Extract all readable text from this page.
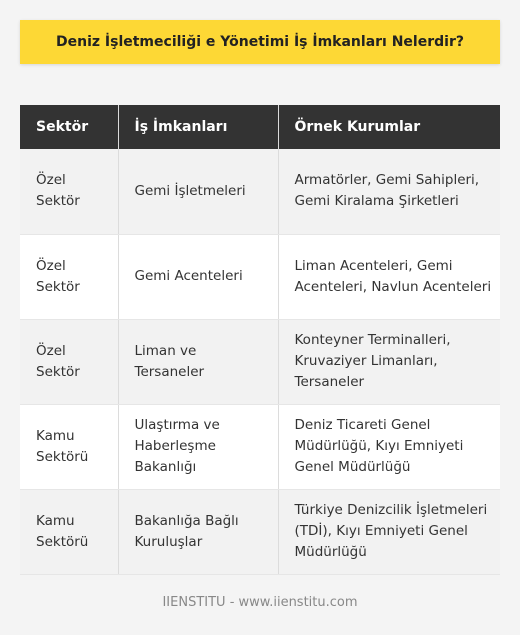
Deniz İşletmeciliği e Yönetimi İş İmkanları Nelerdir?
Sektör	İş İmkanları	Örnek Kurumlar
Özel Sektör	Gemi İşletmeleri	Armatörler, Gemi Sahipleri, Gemi Kiralama Şirketleri
Özel Sektör	Gemi Acenteleri	Liman Acenteleri, Gemi Acenteleri, Navlun Acenteleri
Özel Sektör	Liman ve Tersaneler	Konteyner Terminalleri, Kruvaziyer Limanları, Tersaneler
Kamu Sektörü	Ulaştırma ve Haberleşme Bakanlığı	Deniz Ticareti Genel Müdürlüğü, Kıyı Emniyeti Genel Müdürlüğü
Kamu Sektörü	Bakanlığa Bağlı Kuruluşlar	Türkiye Denizcilik İşletmeleri (TDİ), Kıyı Emniyeti Genel Müdürlüğü
IIENSTITU - www.iienstitu.com
